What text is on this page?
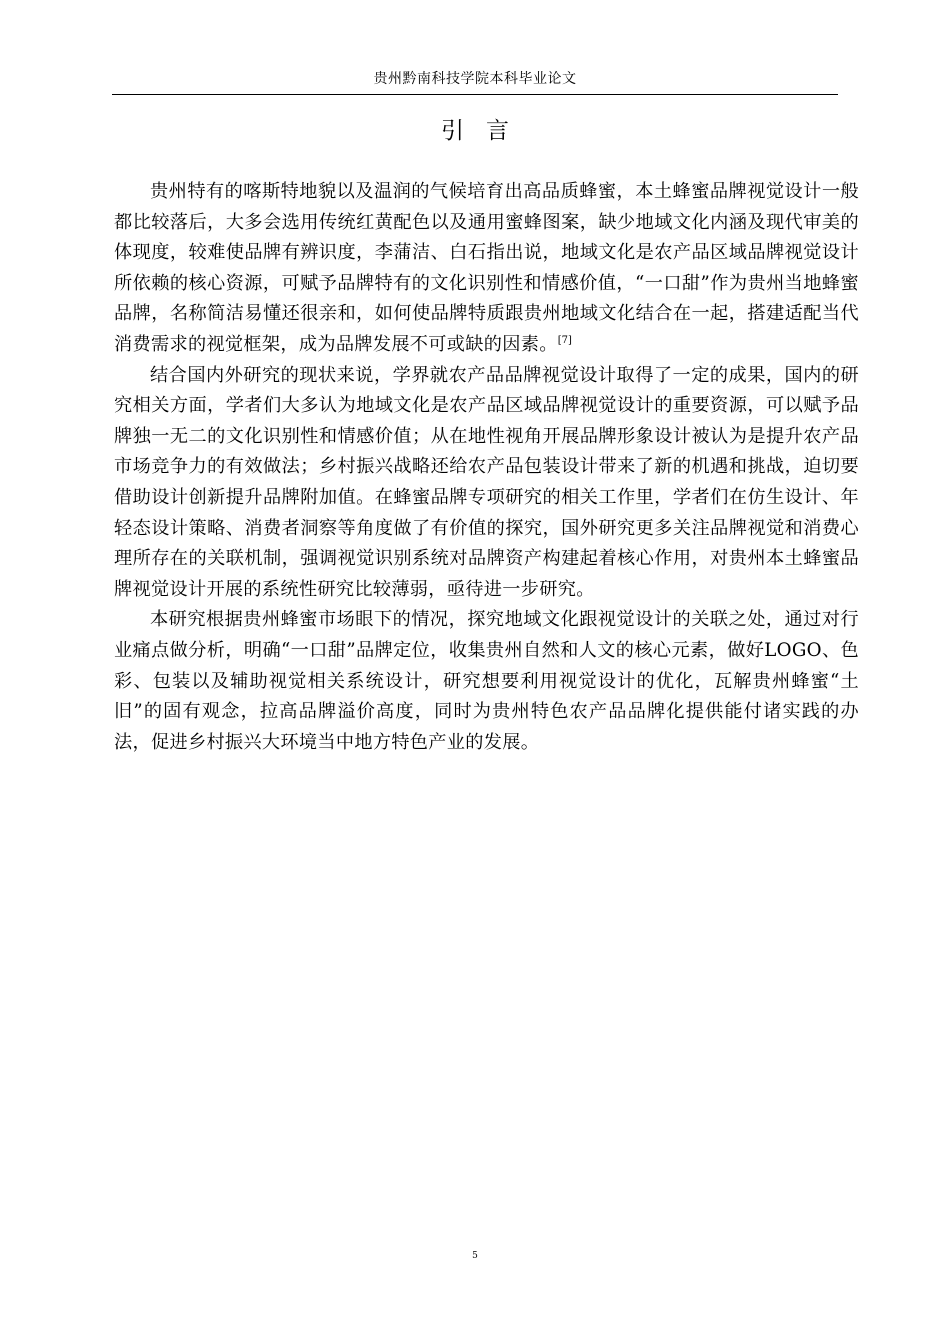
贵州黔南科技学院本科毕业论文
引言

贵州特有的喀斯特地貌以及温润的气候培育出高品质蜂蜜，本土蜂蜜品牌视觉设计一般都比较落后，大多会选用传统红黄配色以及通用蜜蜂图案，缺少地域文化内涵及现代审美的体现度，较难使品牌有辨识度，李蒲洁、白石指出说，地域文化是农产品区域品牌视觉设计所依赖的核心资源，可赋予品牌特有的文化识别性和情感价值，“一口甜”作为贵州当地蜂蜜品牌，名称简洁易懂还很亲和，如何使品牌特质跟贵州地域文化结合在一起，搭建适配当代消费需求的视觉框架，成为品牌发展不可或缺的因素。[7]

结合国内外研究的现状来说，学界就农产品品牌视觉设计取得了一定的成果，国内的研究相关方面，学者们大多认为地域文化是农产品区域品牌视觉设计的重要资源，可以赋予品牌独一无二的文化识别性和情感价值；从在地性视角开展品牌形象设计被认为是提升农产品市场竞争力的有效做法；乡村振兴战略还给农产品包装设计带来了新的机遇和挑战，迫切要借助设计创新提升品牌附加值。在蜂蜜品牌专项研究的相关工作里，学者们在仿生设计、年轻态设计策略、消费者洞察等角度做了有价值的探究，国外研究更多关注品牌视觉和消费心理所存在的关联机制，强调视觉识别系统对品牌资产构建起着核心作用，对贵州本土蜂蜜品牌视觉设计开展的系统性研究比较薄弱，亟待进一步研究。

本研究根据贵州蜂蜜市场眼下的情况，探究地域文化跟视觉设计的关联之处，通过对行业痛点做分析，明确“一口甜”品牌定位，收集贵州自然和人文的核心元素，做好LOGO、色彩、包装以及辅助视觉相关系统设计，研究想要利用视觉设计的优化，瓦解贵州蜂蜜“土旧”的固有观念，拉高品牌溢价高度，同时为贵州特色农产品品牌化提供能付诸实践的办法，促进乡村振兴大环境当中地方特色产业的发展。

5
